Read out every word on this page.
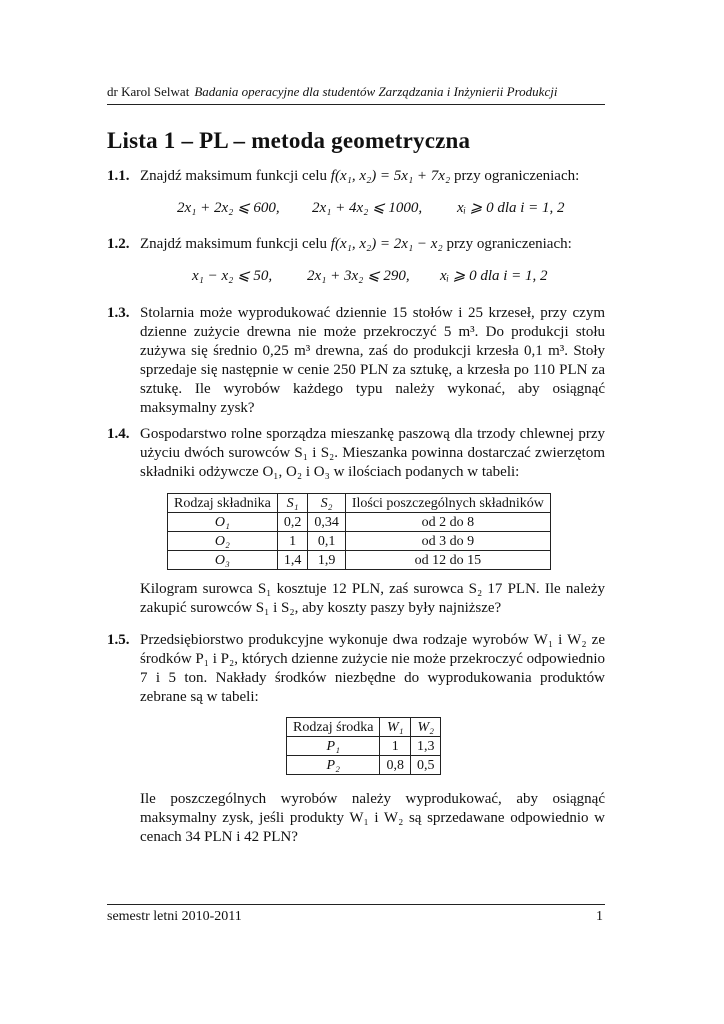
dr Karol Selwat Badania operacyjne dla studentów Zarządzania i Inżynierii Produkcji
Lista 1 – PL – metoda geometryczna
1.1. Znajdź maksimum funkcji celu f(x₁, x₂) = 5x₁ + 7x₂ przy ograniczeniach:
2x₁ + 2x₂ ⩽ 600, 2x₁ + 4x₂ ⩽ 1000, xᵢ ⩾ 0 dla i = 1, 2
1.2. Znajdź maksimum funkcji celu f(x₁, x₂) = 2x₁ − x₂ przy ograniczeniach:
x₁ − x₂ ⩽ 50, 2x₁ + 3x₂ ⩽ 290, xᵢ ⩾ 0 dla i = 1, 2
1.3. Stolarnia może wyprodukować dziennie 15 stołów i 25 krzeseł, przy czym dzienne zużycie drewna nie może przekroczyć 5 m³. Do produkcji stołu zużywa się średnio 0,25 m³ drewna, zaś do produkcji krzesła 0,1 m³. Stoły sprzedaje się następnie w cenie 250 PLN za sztukę, a krzesła po 110 PLN za sztukę. Ile wyrobów każdego typu należy wykonać, aby osiągnąć maksymalny zysk?
1.4. Gospodarstwo rolne sporządza mieszankę paszową dla trzody chlewnej przy użyciu dwóch surowców S₁ i S₂. Mieszanka powinna dostarczać zwierzętom składniki odżywcze O₁, O₂ i O₃ w ilościach podanych w tabeli:
Rodzaj składnika	S₁	S₂	Ilości poszczególnych składników
O₁	0,2	0,34	od 2 do 8
O₂	1	0,1	od 3 do 9
O₃	1,4	1,9	od 12 do 15
Kilogram surowca S₁ kosztuje 12 PLN, zaś surowca S₂ 17 PLN. Ile należy zakupić surowców S₁ i S₂, aby koszty paszy były najniższe?
1.5. Przedsiębiorstwo produkcyjne wykonuje dwa rodzaje wyrobów W₁ i W₂ ze środków P₁ i P₂, których dzienne zużycie nie może przekroczyć odpowiednio 7 i 5 ton. Nakłady środków niezbędne do wyprodukowania produktów zebrane są w tabeli:
Rodzaj środka	W₁	W₂
P₁	1	1,3
P₂	0,8	0,5
Ile poszczególnych wyrobów należy wyprodukować, aby osiągnąć maksymalny zysk, jeśli produkty W₁ i W₂ są sprzedawane odpowiednio w cenach 34 PLN i 42 PLN?
semestr letni 2010-2011	1
